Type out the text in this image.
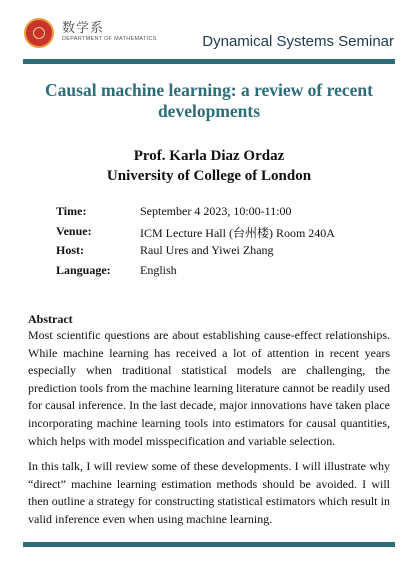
数学系
DEPARTMENT OF MATHEMATICS	Dynamical Systems Seminar
Causal machine learning: a review of recent developments
Prof. Karla Diaz Ordaz
University of College of London
Time:	September 4 2023, 10:00-11:00
Venue:	ICM Lecture Hall (台州楼) Room 240A
Host:	Raul Ures and Yiwei Zhang
Language: English
Abstract
Most scientific questions are about establishing cause-effect relationships. While machine learning has received a lot of attention in recent years especially when traditional statistical models are challenging, the prediction tools from the machine learning literature cannot be readily used for causal inference. In the last decade, major innovations have taken place incorporating machine learning tools into estimators for causal quantities, which helps with model misspecification and variable selection.
In this talk, I will review some of these developments. I will illustrate why “direct” machine learning estimation methods should be avoided. I will then outline a strategy for constructing statistical estimators which result in valid inference even when using machine learning.
